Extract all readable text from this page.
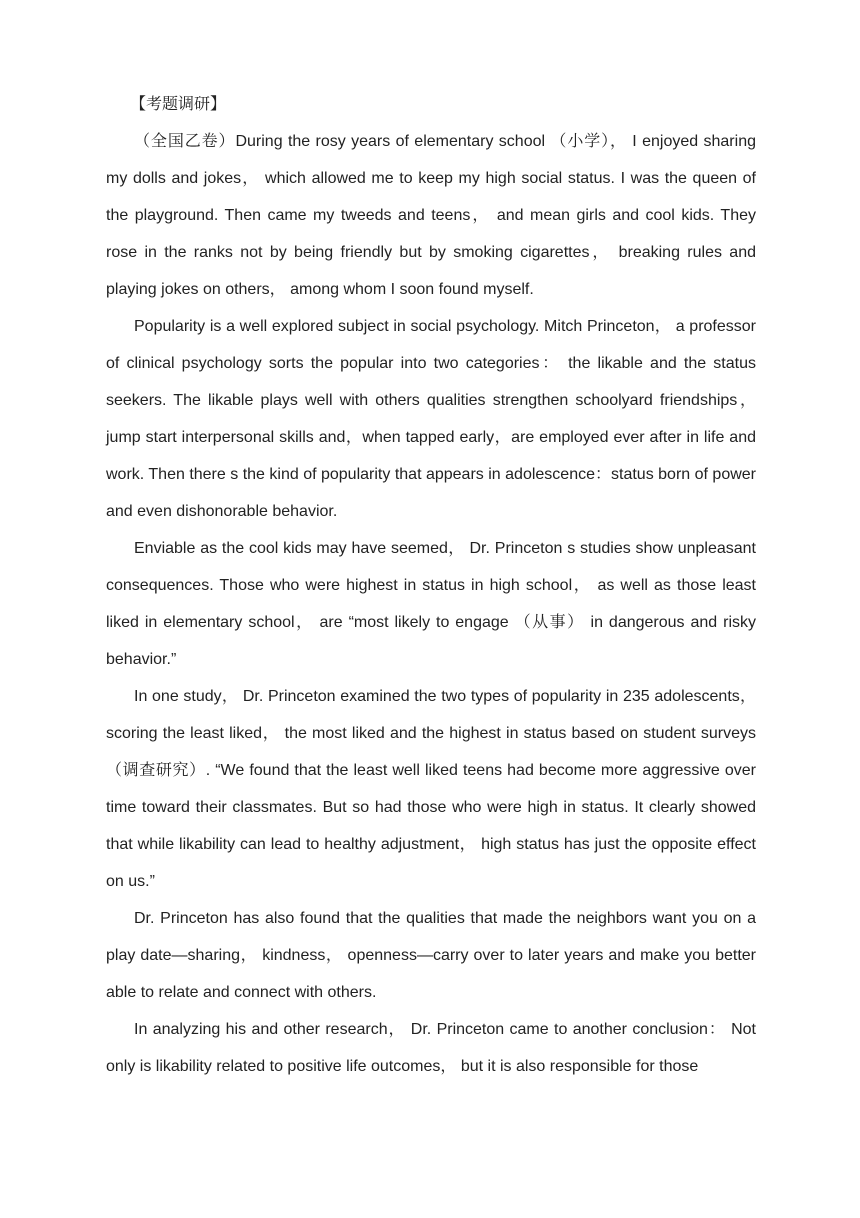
【考题调研】

（全国乙卷）During the rosy years of elementary school （小学）， I enjoyed sharing my dolls and jokes， which allowed me to keep my high social status. I was the queen of the playground. Then came my tweeds and teens， and mean girls and cool kids. They rose in the ranks not by being friendly but by smoking cigarettes， breaking rules and playing jokes on others， among whom I soon found myself.

Popularity is a well explored subject in social psychology. Mitch Princeton， a professor of clinical psychology sorts the popular into two categories： the likable and the status seekers. The likable plays well with others qualities strengthen schoolyard friendships，jump start interpersonal skills and，when tapped early，are employed ever after in life and work. Then there s the kind of popularity that appears in adolescence：status born of power and even dishonorable behavior.

Enviable as the cool kids may have seemed， Dr. Princeton s studies show unpleasant consequences. Those who were highest in status in high school， as well as those least liked in elementary school， are “most likely to engage （从事） in dangerous and risky behavior.”

In one study， Dr. Princeton examined the two types of popularity in 235 adolescents， scoring the least liked， the most liked and the highest in status based on student surveys （调查研究）. “We found that the least well liked teens had become more aggressive over time toward their classmates. But so had those who were high in status. It clearly showed that while likability can lead to healthy adjustment， high status has just the opposite effect on us.”

Dr. Princeton has also found that the qualities that made the neighbors want you on a play date—sharing， kindness， openness—carry over to later years and make you better able to relate and connect with others.

In analyzing his and other research， Dr. Princeton came to another conclusion： Not only is likability related to positive life outcomes， but it is also responsible for those
